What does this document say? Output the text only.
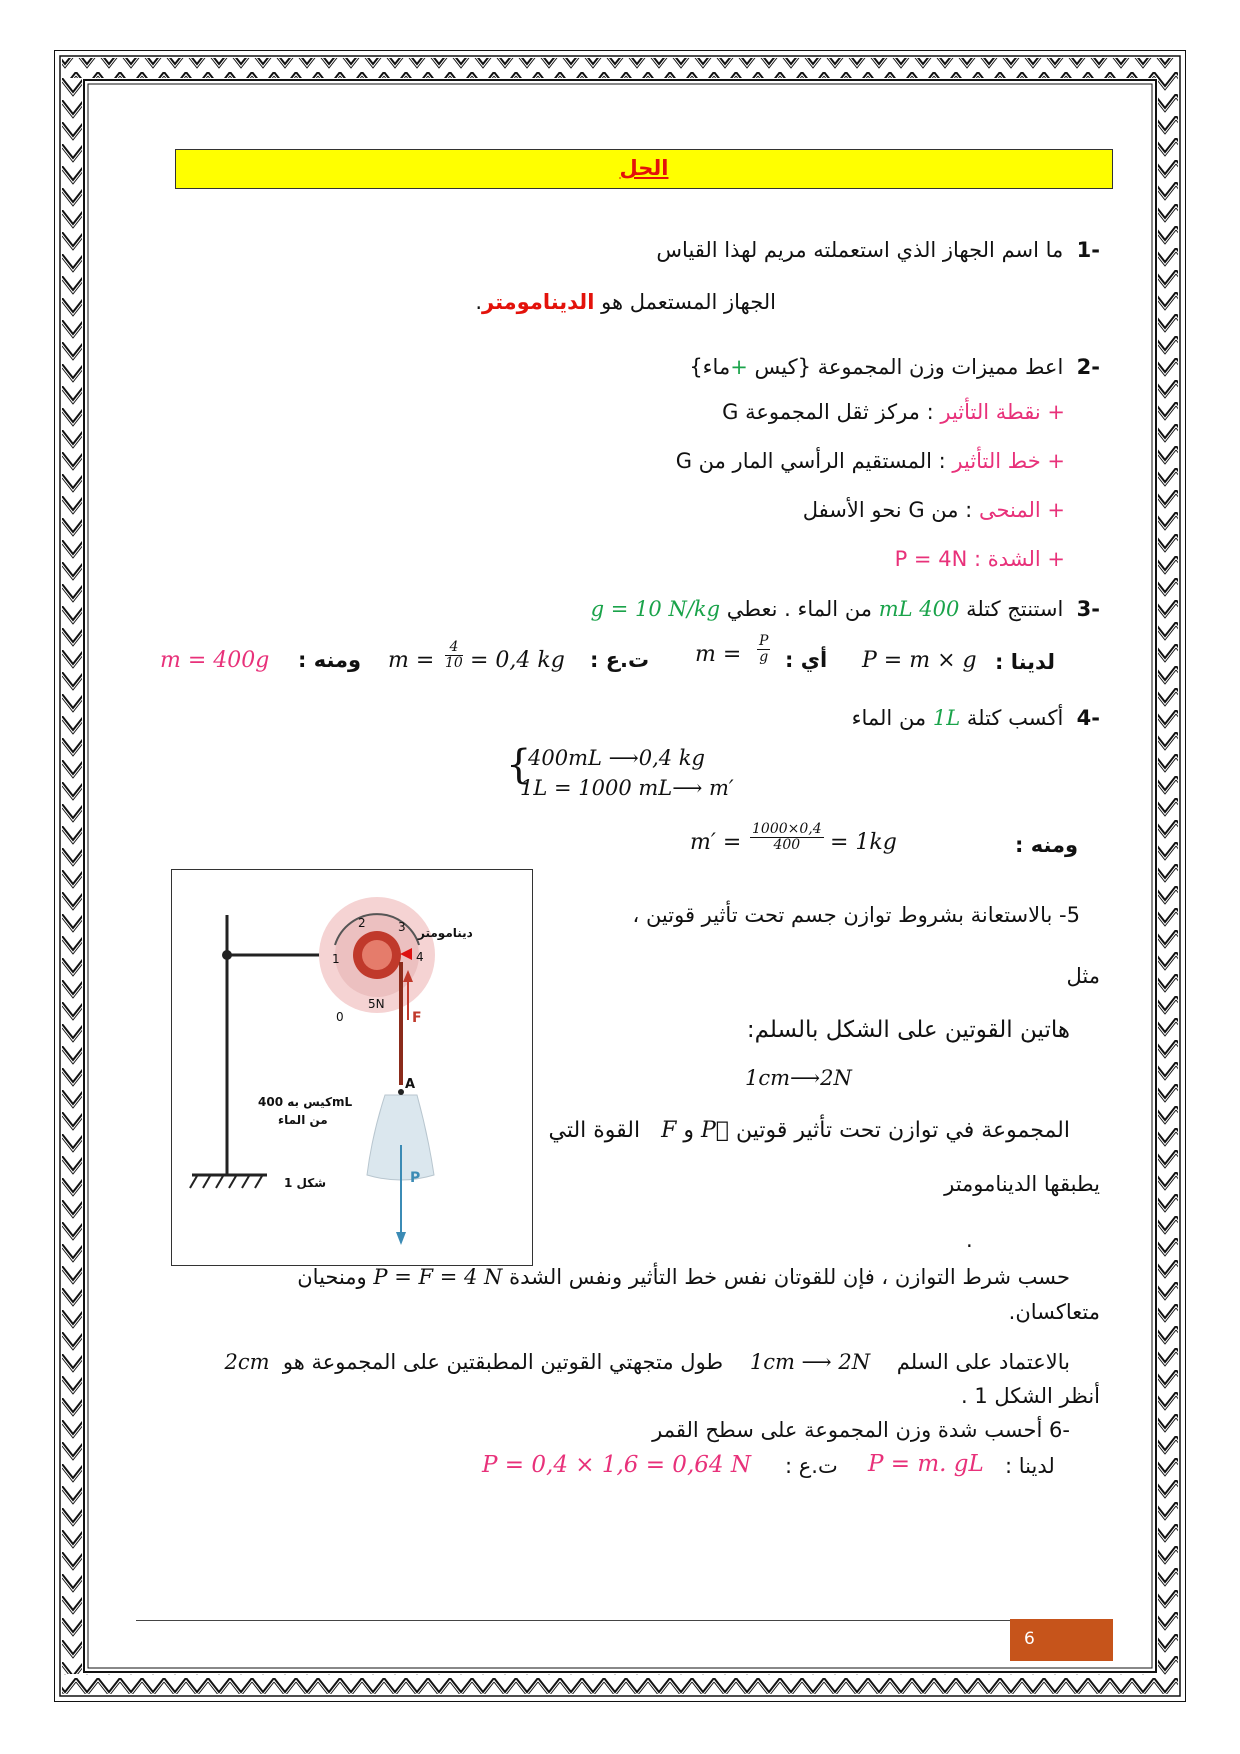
الحل
-1  ما اسم الجهاز الذي استعملته مريم لهذا القياس
الجهاز المستعمل هو الدينامومتر.
-2  اعط مميزات وزن المجموعة {كيس +ماء}
+ نقطة التأثير : مركز ثقل المجموعة G
+ خط التأثير : المستقيم الرأسي المار من G
+ المنحى : من G نحو الأسفل
+ الشدة : P = 4N
-3  استنتج كتلة 400 mL من الماء . نعطي g = 10 N/kg
m = 400g ومنه : $m = \frac{4}{10} = 0,4$ kg ت.ع : $m = \frac{P}{g}$ أي : P = m × g لدينا :
-4  أكسب كتلة 1L من الماء
{
400mL ⟶0,4 kg
1L = 1000 mL⟶ m′
$m' = \frac{1000\times 0,4}{400} = 1kg$	ومنه :
دينامومتر
0
1
2	3
4
5N
F
A
كيس به 400mL
من الماء
P
شكل 1
5- بالاستعانة بشروط توازن جسم تحت تأثير قوتين ،
مثل
هاتين القوتين على الشكل بالسلم:
1cm⟶2N
المجموعة في توازن تحت تأثير قوتين P⃗ و F   القوة التي
يطبقها الدينامومتر
.
حسب شرط التوازن ، فإن للقوتان نفس خط التأثير ونفس الشدة P = F = 4 N ومنحيان
متعاكسان.
بالاعتماد على السلم    1cm ⟶ 2N    طول متجهتي القوتين المطبقتين على المجموعة هو  2cm
أنظر الشكل 1 .
-6 أحسب شدة وزن المجموعة على سطح القمر
P = 0,4 × 1,6 = 0,64 N ت.ع : P = m. gL لدينا :
6
